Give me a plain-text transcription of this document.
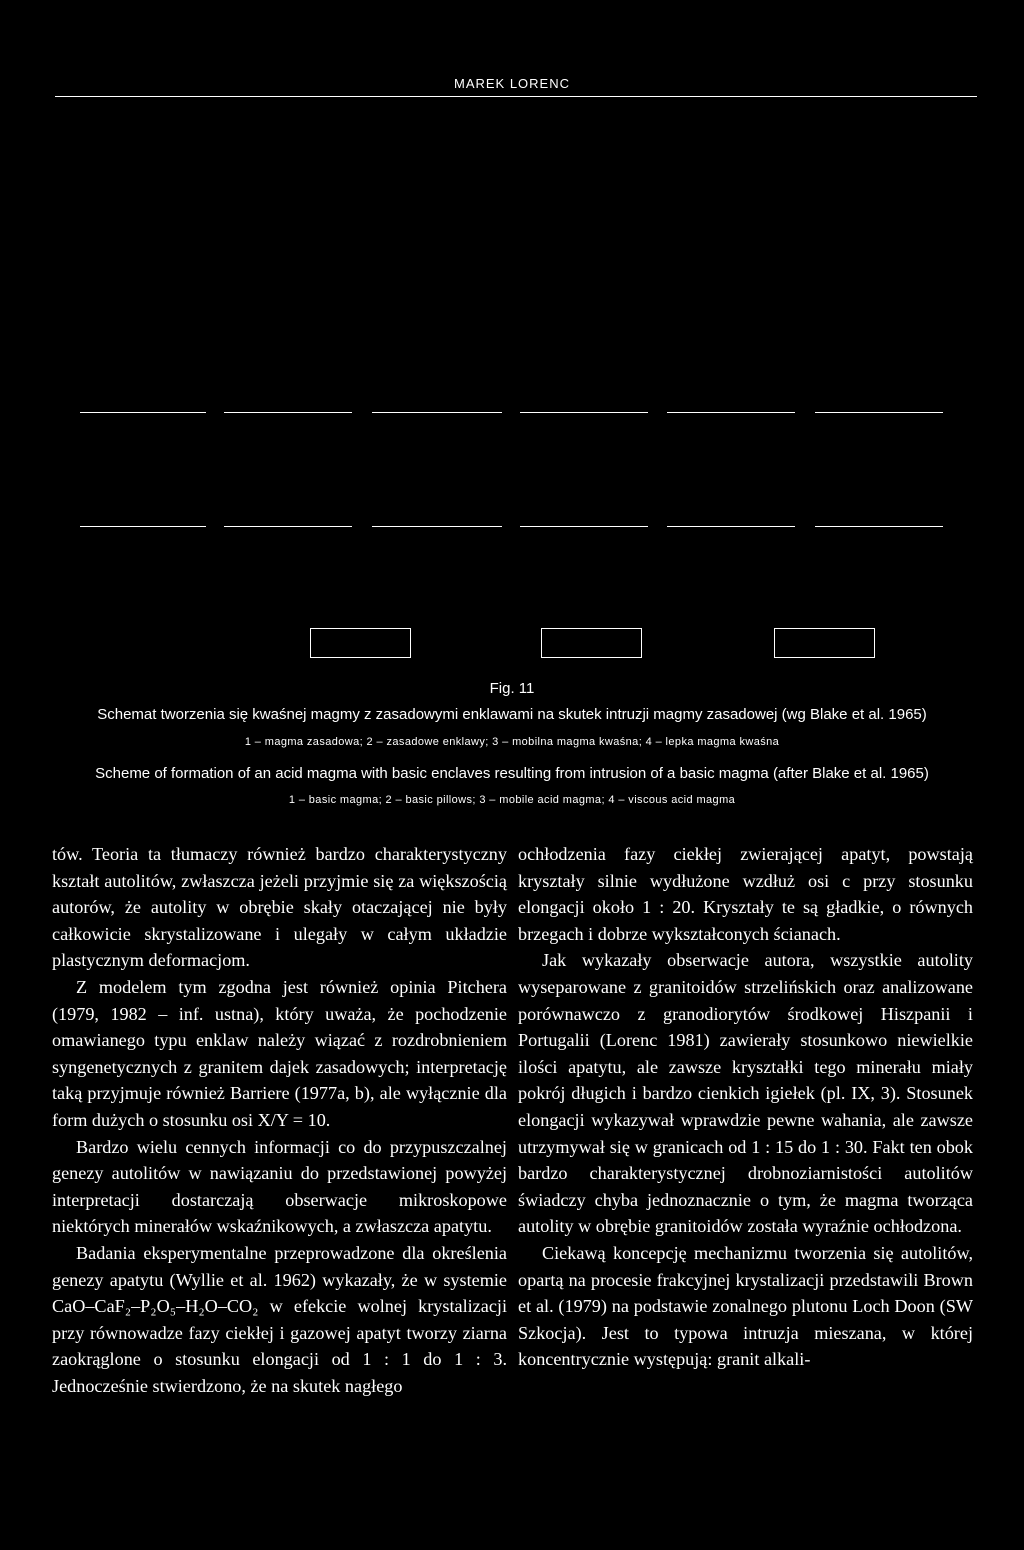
MAREK LORENC
Fig. 11
Schemat tworzenia się kwaśnej magmy z zasadowymi enklawami na skutek intruzji magmy zasadowej (wg Blake et al. 1965)
1 – magma zasadowa; 2 – zasadowe enklawy; 3 – mobilna magma kwaśna; 4 – lepka magma kwaśna
Scheme of formation of an acid magma with basic enclaves resulting from intrusion of a basic magma (after Blake et al. 1965)
1 – basic magma; 2 – basic pillows; 3 – mobile acid magma; 4 – viscous acid magma

tów. Teoria ta tłumaczy również bardzo charakterystyczny kształt autolitów, zwłaszcza jeżeli przyjmie się za większością autorów, że autolity w obrębie skały otaczającej nie były całkowicie skrystalizowane i ulegały w całym układzie plastycznym deformacjom.

Z modelem tym zgodna jest również opinia Pitchera (1979, 1982 – inf. ustna), który uważa, że pochodzenie omawianego typu enklaw należy wiązać z rozdrobnieniem syngenetycznych z granitem dajek zasadowych; interpretację taką przyjmuje również Barriere (1977a, b), ale wyłącznie dla form dużych o stosunku osi X/Y = 10.

Bardzo wielu cennych informacji co do przypuszczalnej genezy autolitów w nawiązaniu do przedstawionej powyżej interpretacji dostarczają obserwacje mikroskopowe niektórych minerałów wskaźnikowych, a zwłaszcza apatytu.

Badania eksperymentalne przeprowadzone dla określenia genezy apatytu (Wyllie et al. 1962) wykazały, że w systemie CaO–CaF₂–P₂O₅–H₂O–CO₂ w efekcie wolnej krystalizacji przy równowadze fazy ciekłej i gazowej apatyt tworzy ziarna zaokrąglone o stosunku elongacji od 1 : 1 do 1 : 3. Jednocześnie stwierdzono, że na skutek nagłego

ochłodzenia fazy ciekłej zwierającej apatyt, powstają kryształy silnie wydłużone wzdłuż osi c przy stosunku elongacji około 1 : 20. Kryształy te są gładkie, o równych brzegach i dobrze wykształconych ścianach.

Jak wykazały obserwacje autora, wszystkie autolity wyseparowane z granitoidów strzelińskich oraz analizowane porównawczo z granodiorytów środkowej Hiszpanii i Portugalii (Lorenc 1981) zawierały stosunkowo niewielkie ilości apatytu, ale zawsze kryształki tego minerału miały pokrój długich i bardzo cienkich igiełek (pl. IX, 3). Stosunek elongacji wykazywał wprawdzie pewne wahania, ale zawsze utrzymywał się w granicach od 1 : 15 do 1 : 30. Fakt ten obok bardzo charakterystycznej drobnoziarnistości autolitów świadczy chyba jednoznacznie o tym, że magma tworząca autolity w obrębie granitoidów została wyraźnie ochłodzona.

Ciekawą koncepcję mechanizmu tworzenia się autolitów, opartą na procesie frakcyjnej krystalizacji przedstawili Brown et al. (1979) na podstawie zonalnego plutonu Loch Doon (SW Szkocja). Jest to typowa intruzja mieszana, w której koncentrycznie występują: granit alkali-
